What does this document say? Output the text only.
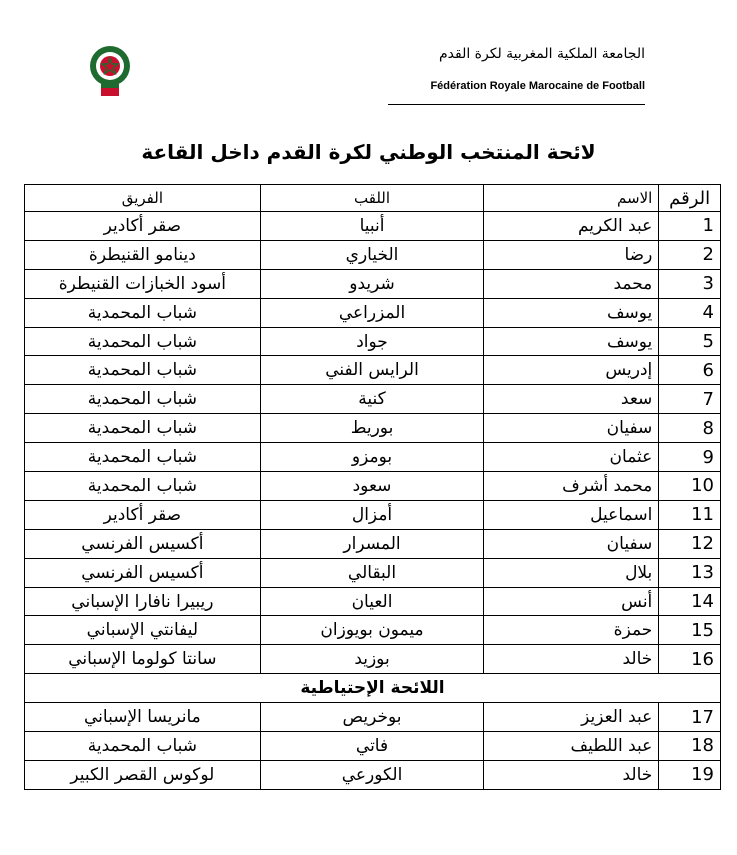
الجامعة الملكية المغربية لكرة القدم
Fédération Royale Marocaine de Football
لائحة المنتخب الوطني لكرة القدم داخل القاعة
الرقم	الاسم	اللقب	الفريق
1	عبد الكريم	أنبيا	صقر أكادير
2	رضا	الخياري	دينامو القنيطرة
3	محمد	شريدو	أسود الخبازات القنيطرة
4	يوسف	المزراعي	شباب المحمدية
5	يوسف	جواد	شباب المحمدية
6	إدريس	الرايس الفني	شباب المحمدية
7	سعد	كنية	شباب المحمدية
8	سفيان	بوريط	شباب المحمدية
9	عثمان	بومزو	شباب المحمدية
10	محمد أشرف	سعود	شباب المحمدية
11	اسماعيل	أمزال	صقر أكادير
12	سفيان	المسرار	أكسيس الفرنسي
13	بلال	البقالي	أكسيس الفرنسي
14	أنس	العيان	ريبيرا نافارا الإسباني
15	حمزة	ميمون بويوزان	ليفانتي الإسباني
16	خالد	بوزيد	سانتا كولوما الإسباني
اللائحة الإحتياطية			
17	عبد العزيز	بوخريص	مانريسا الإسباني
18	عبد اللطيف	فاتي	شباب المحمدية
19	خالد	الكورعي	لوكوس القصر الكبير
